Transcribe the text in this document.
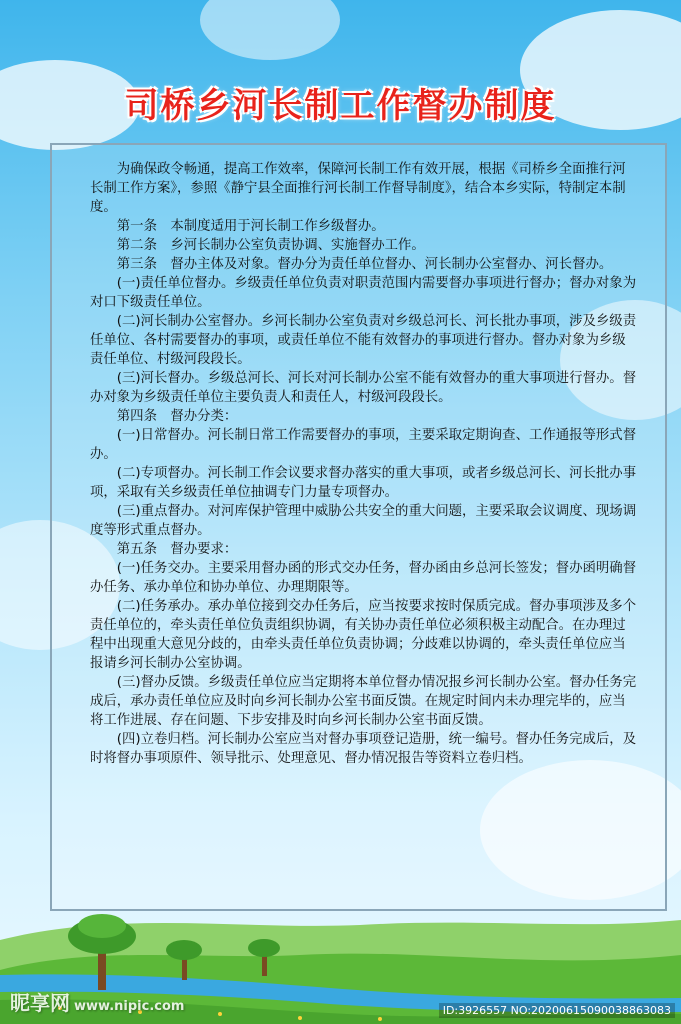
司桥乡河长制工作督办制度

为确保政令畅通，提高工作效率，保障河长制工作有效开展，根据《司桥乡全面推行河长制工作方案》，参照《静宁县全面推行河长制工作督导制度》，结合本乡实际，特制定本制度。

第一条　本制度适用于河长制工作乡级督办。

第二条　乡河长制办公室负责协调、实施督办工作。

第三条　督办主体及对象。督办分为责任单位督办、河长制办公室督办、河长督办。

(一)责任单位督办。乡级责任单位负责对职责范围内需要督办事项进行督办；督办对象为对口下级责任单位。

(二)河长制办公室督办。乡河长制办公室负责对乡级总河长、河长批办事项，涉及乡级责任单位、各村需要督办的事项，或责任单位不能有效督办的事项进行督办。督办对象为乡级责任单位、村级河段段长。

(三)河长督办。乡级总河长、河长对河长制办公室不能有效督办的重大事项进行督办。督办对象为乡级责任单位主要负责人和责任人，村级河段段长。

第四条　督办分类：

(一)日常督办。河长制日常工作需要督办的事项，主要采取定期询查、工作通报等形式督办。

(二)专项督办。河长制工作会议要求督办落实的重大事项，或者乡级总河长、河长批办事项，采取有关乡级责任单位抽调专门力量专项督办。

(三)重点督办。对河库保护管理中威胁公共安全的重大问题，主要采取会议调度、现场调度等形式重点督办。

第五条　督办要求：

(一)任务交办。主要采用督办函的形式交办任务，督办函由乡总河长签发；督办函明确督办任务、承办单位和协办单位、办理期限等。

(二)任务承办。承办单位接到交办任务后，应当按要求按时保质完成。督办事项涉及多个责任单位的，牵头责任单位负责组织协调，有关协办责任单位必须积极主动配合。在办理过程中出现重大意见分歧的，由牵头责任单位负责协调；分歧难以协调的，牵头责任单位应当报请乡河长制办公室协调。

(三)督办反馈。乡级责任单位应当定期将本单位督办情况报乡河长制办公室。督办任务完成后，承办责任单位应及时向乡河长制办公室书面反馈。在规定时间内未办理完毕的，应当将工作进展、存在问题、下步安排及时向乡河长制办公室书面反馈。

(四)立卷归档。河长制办公室应当对督办事项登记造册，统一编号。督办任务完成后，及时将督办事项原件、领导批示、处理意见、督办情况报告等资料立卷归档。

昵享网 www.nipic.com	ID:3926557 NO:20200615090038863083
